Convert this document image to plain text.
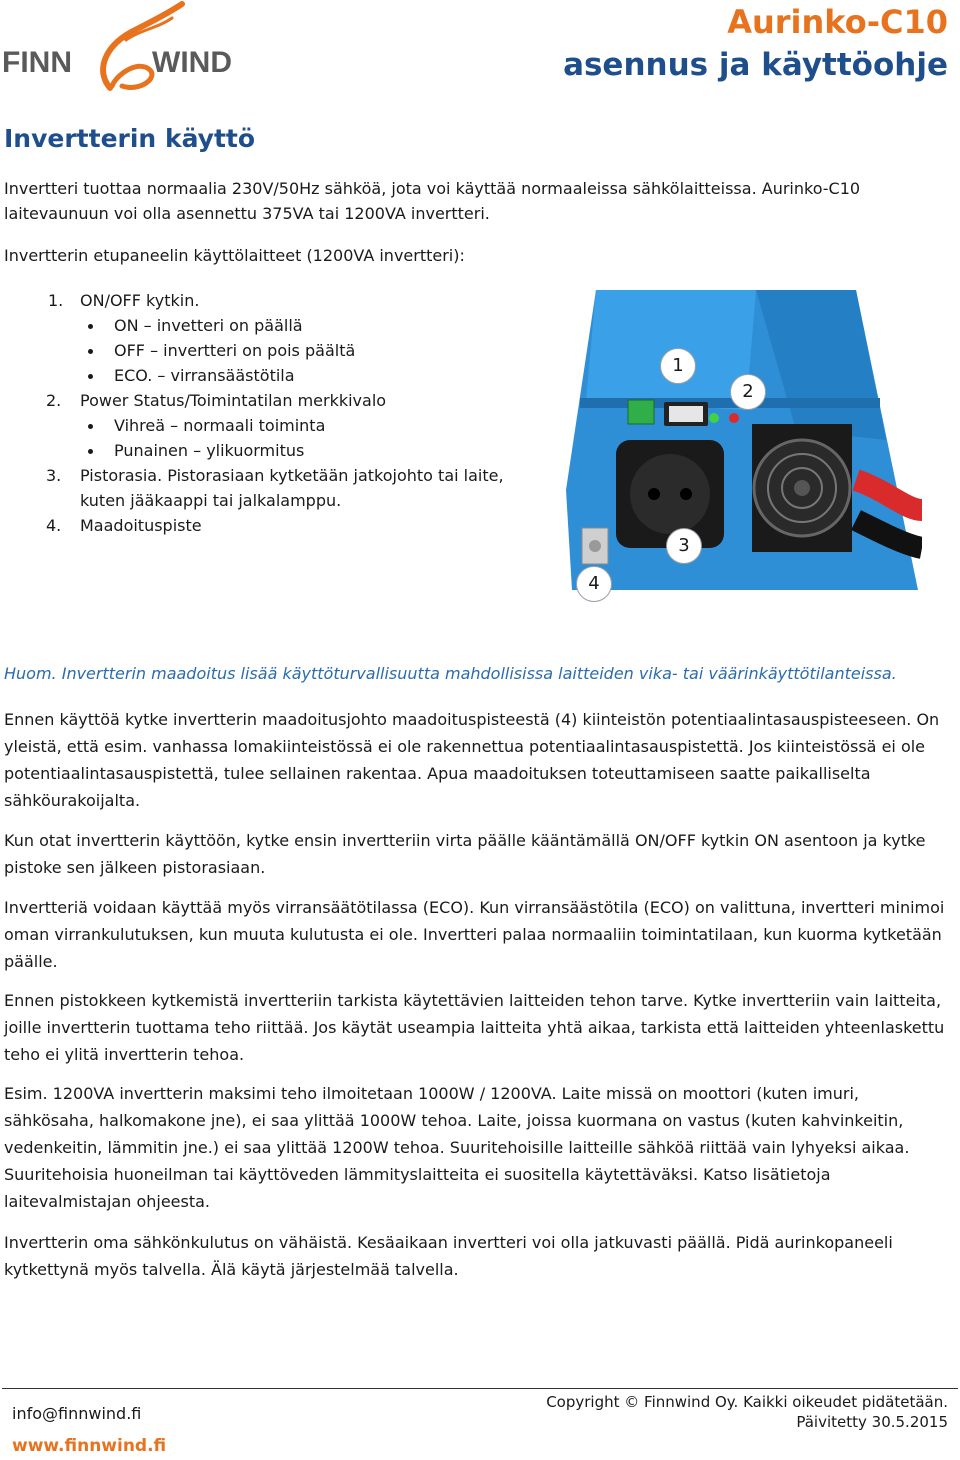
FINN	WIND
Aurinko-C10
asennus ja käyttöohje
Invertterin käyttö
Invertteri tuottaa normaalia 230V/50Hz sähköä, jota voi käyttää normaaleissa sähkölaitteissa. Aurinko-C10
laitevaunuun voi olla asennettu 375VA tai 1200VA invertteri.
Invertterin etupaneelin käyttölaitteet (1200VA invertteri):
1. ON/OFF kytkin.
ON – invetteri on päällä
OFF – invertteri on pois päältä
ECO. – virransäästötila
2. Power Status/Toimintatilan merkkivalo
Vihreä – normaali toiminta
Punainen – ylikuormitus
3. Pistorasia. Pistorasiaan kytketään jatkojohto tai laite,
kuten jääkaappi tai jalkalamppu.
4. Maadoituspiste
1
2
3
4
Huom. Invertterin maadoitus lisää käyttöturvallisuutta mahdollisissa laitteiden vika- tai väärinkäyttötilanteissa.

Ennen käyttöä kytke invertterin maadoitusjohto maadoituspisteestä (4) kiinteistön potentiaalintasauspisteeseen. On yleistä, että esim. vanhassa lomakiinteistössä ei ole rakennettua potentiaalintasauspistettä. Jos kiinteistössä ei ole potentiaalintasauspistettä, tulee sellainen rakentaa. Apua maadoituksen toteuttamiseen saatte paikalliselta sähköurakoijalta.

Kun otat invertterin käyttöön, kytke ensin invertteriin virta päälle kääntämällä ON/OFF kytkin ON asentoon ja kytke pistoke sen jälkeen pistorasiaan.

Invertteriä voidaan käyttää myös virransäätötilassa (ECO). Kun virransäästötila (ECO) on valittuna, invertteri minimoi oman virrankulutuksen, kun muuta kulutusta ei ole. Invertteri palaa normaaliin toimintatilaan, kun kuorma kytketään päälle.

Ennen pistokkeen kytkemistä invertteriin tarkista käytettävien laitteiden tehon tarve. Kytke invertteriin vain laitteita, joille invertterin tuottama teho riittää. Jos käytät useampia laitteita yhtä aikaa, tarkista että laitteiden yhteenlaskettu teho ei ylitä invertterin tehoa.

Esim. 1200VA invertterin maksimi teho ilmoitetaan 1000W / 1200VA. Laite missä on moottori (kuten imuri, sähkösaha, halkomakone jne), ei saa ylittää 1000W tehoa. Laite, joissa kuormana on vastus (kuten kahvinkeitin, vedenkeitin, lämmitin jne.) ei saa ylittää 1200W tehoa. Suuritehoisille laitteille sähköä riittää vain lyhyeksi aikaa. Suuritehoisia huoneilman tai käyttöveden lämmityslaitteita ei suositella käytettäväksi. Katso lisätietoja laitevalmistajan ohjeesta.

Invertterin oma sähkönkulutus on vähäistä. Kesäaikaan invertteri voi olla jatkuvasti päällä. Pidä aurinkopaneeli kytkettynä myös talvella. Älä käytä järjestelmää talvella.

info@finnwind.fi
www.finnwind.fi
Copyright © Finnwind Oy. Kaikki oikeudet pidätetään.
Päivitetty 30.5.2015
